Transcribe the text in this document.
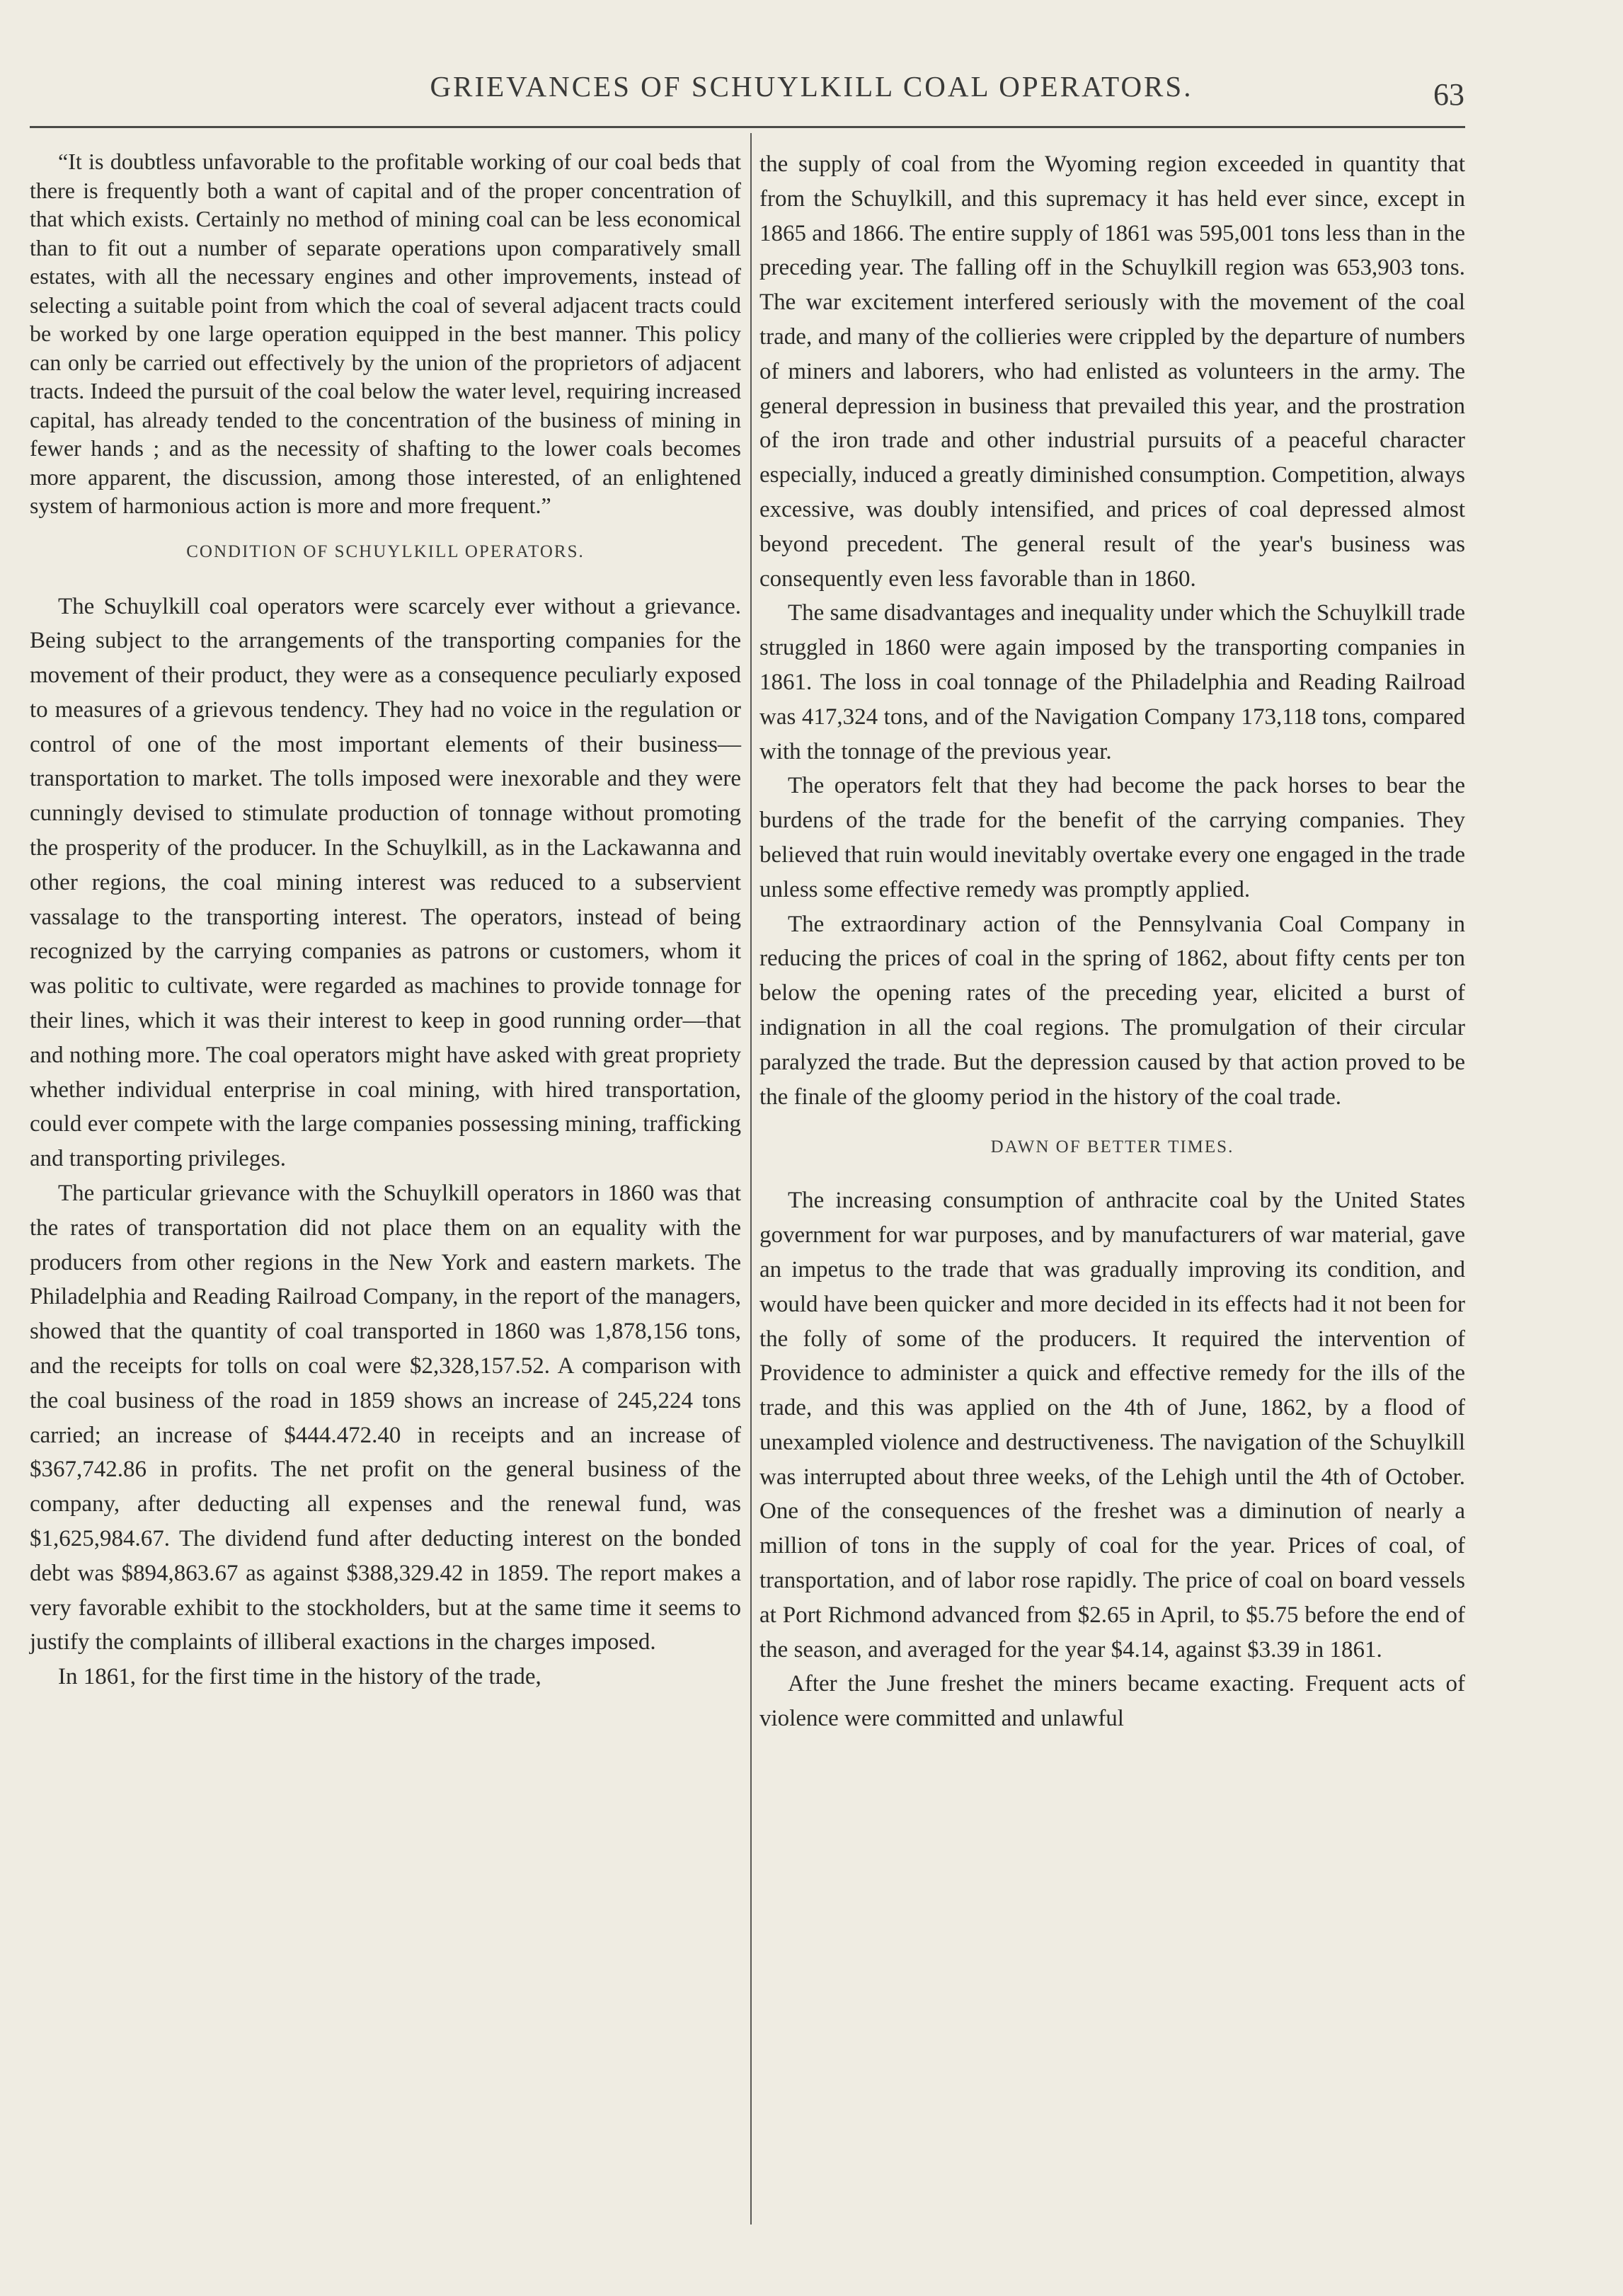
GRIEVANCES OF SCHUYLKILL COAL OPERATORS.	63

“It is doubtless unfavorable to the profitable working of our coal beds that there is frequently both a want of capital and of the proper concentration of that which exists. Certainly no method of mining coal can be less economical than to fit out a number of separate operations upon comparatively small estates, with all the necessary engines and other improvements, instead of selecting a suitable point from which the coal of several adjacent tracts could be worked by one large operation equipped in the best manner. This policy can only be carried out effectively by the union of the proprietors of adjacent tracts. Indeed the pursuit of the coal below the water level, requiring increased capital, has already tended to the concentration of the business of mining in fewer hands ; and as the necessity of shafting to the lower coals becomes more apparent, the discussion, among those interested, of an enlightened system of harmonious action is more and more frequent.”

CONDITION OF SCHUYLKILL OPERATORS.

The Schuylkill coal operators were scarcely ever without a grievance. Being subject to the arrangements of the transporting companies for the movement of their product, they were as a consequence peculiarly exposed to measures of a grievous tendency. They had no voice in the regulation or control of one of the most important elements of their business—transportation to market. The tolls imposed were inexorable and they were cunningly devised to stimulate production of tonnage without promoting the prosperity of the producer. In the Schuylkill, as in the Lackawanna and other regions, the coal mining interest was reduced to a subservient vassalage to the transporting interest. The operators, instead of being recognized by the carrying companies as patrons or customers, whom it was politic to cultivate, were regarded as machines to provide tonnage for their lines, which it was their interest to keep in good running order—that and nothing more. The coal operators might have asked with great propriety whether individual enterprise in coal mining, with hired transportation, could ever compete with the large companies possessing mining, trafficking and transporting privileges.

The particular grievance with the Schuylkill operators in 1860 was that the rates of transportation did not place them on an equality with the producers from other regions in the New York and eastern markets. The Philadelphia and Reading Railroad Company, in the report of the managers, showed that the quantity of coal transported in 1860 was 1,878,156 tons, and the receipts for tolls on coal were $2,328,157.52. A comparison with the coal business of the road in 1859 shows an increase of 245,224 tons carried; an increase of $444.472.40 in receipts and an increase of $367,742.86 in profits. The net profit on the general business of the company, after deducting all expenses and the renewal fund, was $1,625,984.67. The dividend fund after deducting interest on the bonded debt was $894,863.67 as against $388,329.42 in 1859. The report makes a very favorable exhibit to the stockholders, but at the same time it seems to justify the complaints of illiberal exactions in the charges imposed.

In 1861, for the first time in the history of the trade,

the supply of coal from the Wyoming region exceeded in quantity that from the Schuylkill, and this supremacy it has held ever since, except in 1865 and 1866. The entire supply of 1861 was 595,001 tons less than in the preceding year. The falling off in the Schuylkill region was 653,903 tons. The war excitement interfered seriously with the movement of the coal trade, and many of the collieries were crippled by the departure of numbers of miners and laborers, who had enlisted as volunteers in the army. The general depression in business that prevailed this year, and the prostration of the iron trade and other industrial pursuits of a peaceful character especially, induced a greatly diminished consumption. Competition, always excessive, was doubly intensified, and prices of coal depressed almost beyond precedent. The general result of the year's business was consequently even less favorable than in 1860.

The same disadvantages and inequality under which the Schuylkill trade struggled in 1860 were again imposed by the transporting companies in 1861. The loss in coal tonnage of the Philadelphia and Reading Railroad was 417,324 tons, and of the Navigation Company 173,118 tons, compared with the tonnage of the previous year.

The operators felt that they had become the pack horses to bear the burdens of the trade for the benefit of the carrying companies. They believed that ruin would inevitably overtake every one engaged in the trade unless some effective remedy was promptly applied.

The extraordinary action of the Pennsylvania Coal Company in reducing the prices of coal in the spring of 1862, about fifty cents per ton below the opening rates of the preceding year, elicited a burst of indignation in all the coal regions. The promulgation of their circular paralyzed the trade. But the depression caused by that action proved to be the finale of the gloomy period in the history of the coal trade.

DAWN OF BETTER TIMES.

The increasing consumption of anthracite coal by the United States government for war purposes, and by manufacturers of war material, gave an impetus to the trade that was gradually improving its condition, and would have been quicker and more decided in its effects had it not been for the folly of some of the producers. It required the intervention of Providence to administer a quick and effective remedy for the ills of the trade, and this was applied on the 4th of June, 1862, by a flood of unexampled violence and destructiveness. The navigation of the Schuylkill was interrupted about three weeks, of the Lehigh until the 4th of October. One of the consequences of the freshet was a diminution of nearly a million of tons in the supply of coal for the year. Prices of coal, of transportation, and of labor rose rapidly. The price of coal on board vessels at Port Richmond advanced from $2.65 in April, to $5.75 before the end of the season, and averaged for the year $4.14, against $3.39 in 1861.

After the June freshet the miners became exacting. Frequent acts of violence were committed and unlawful
